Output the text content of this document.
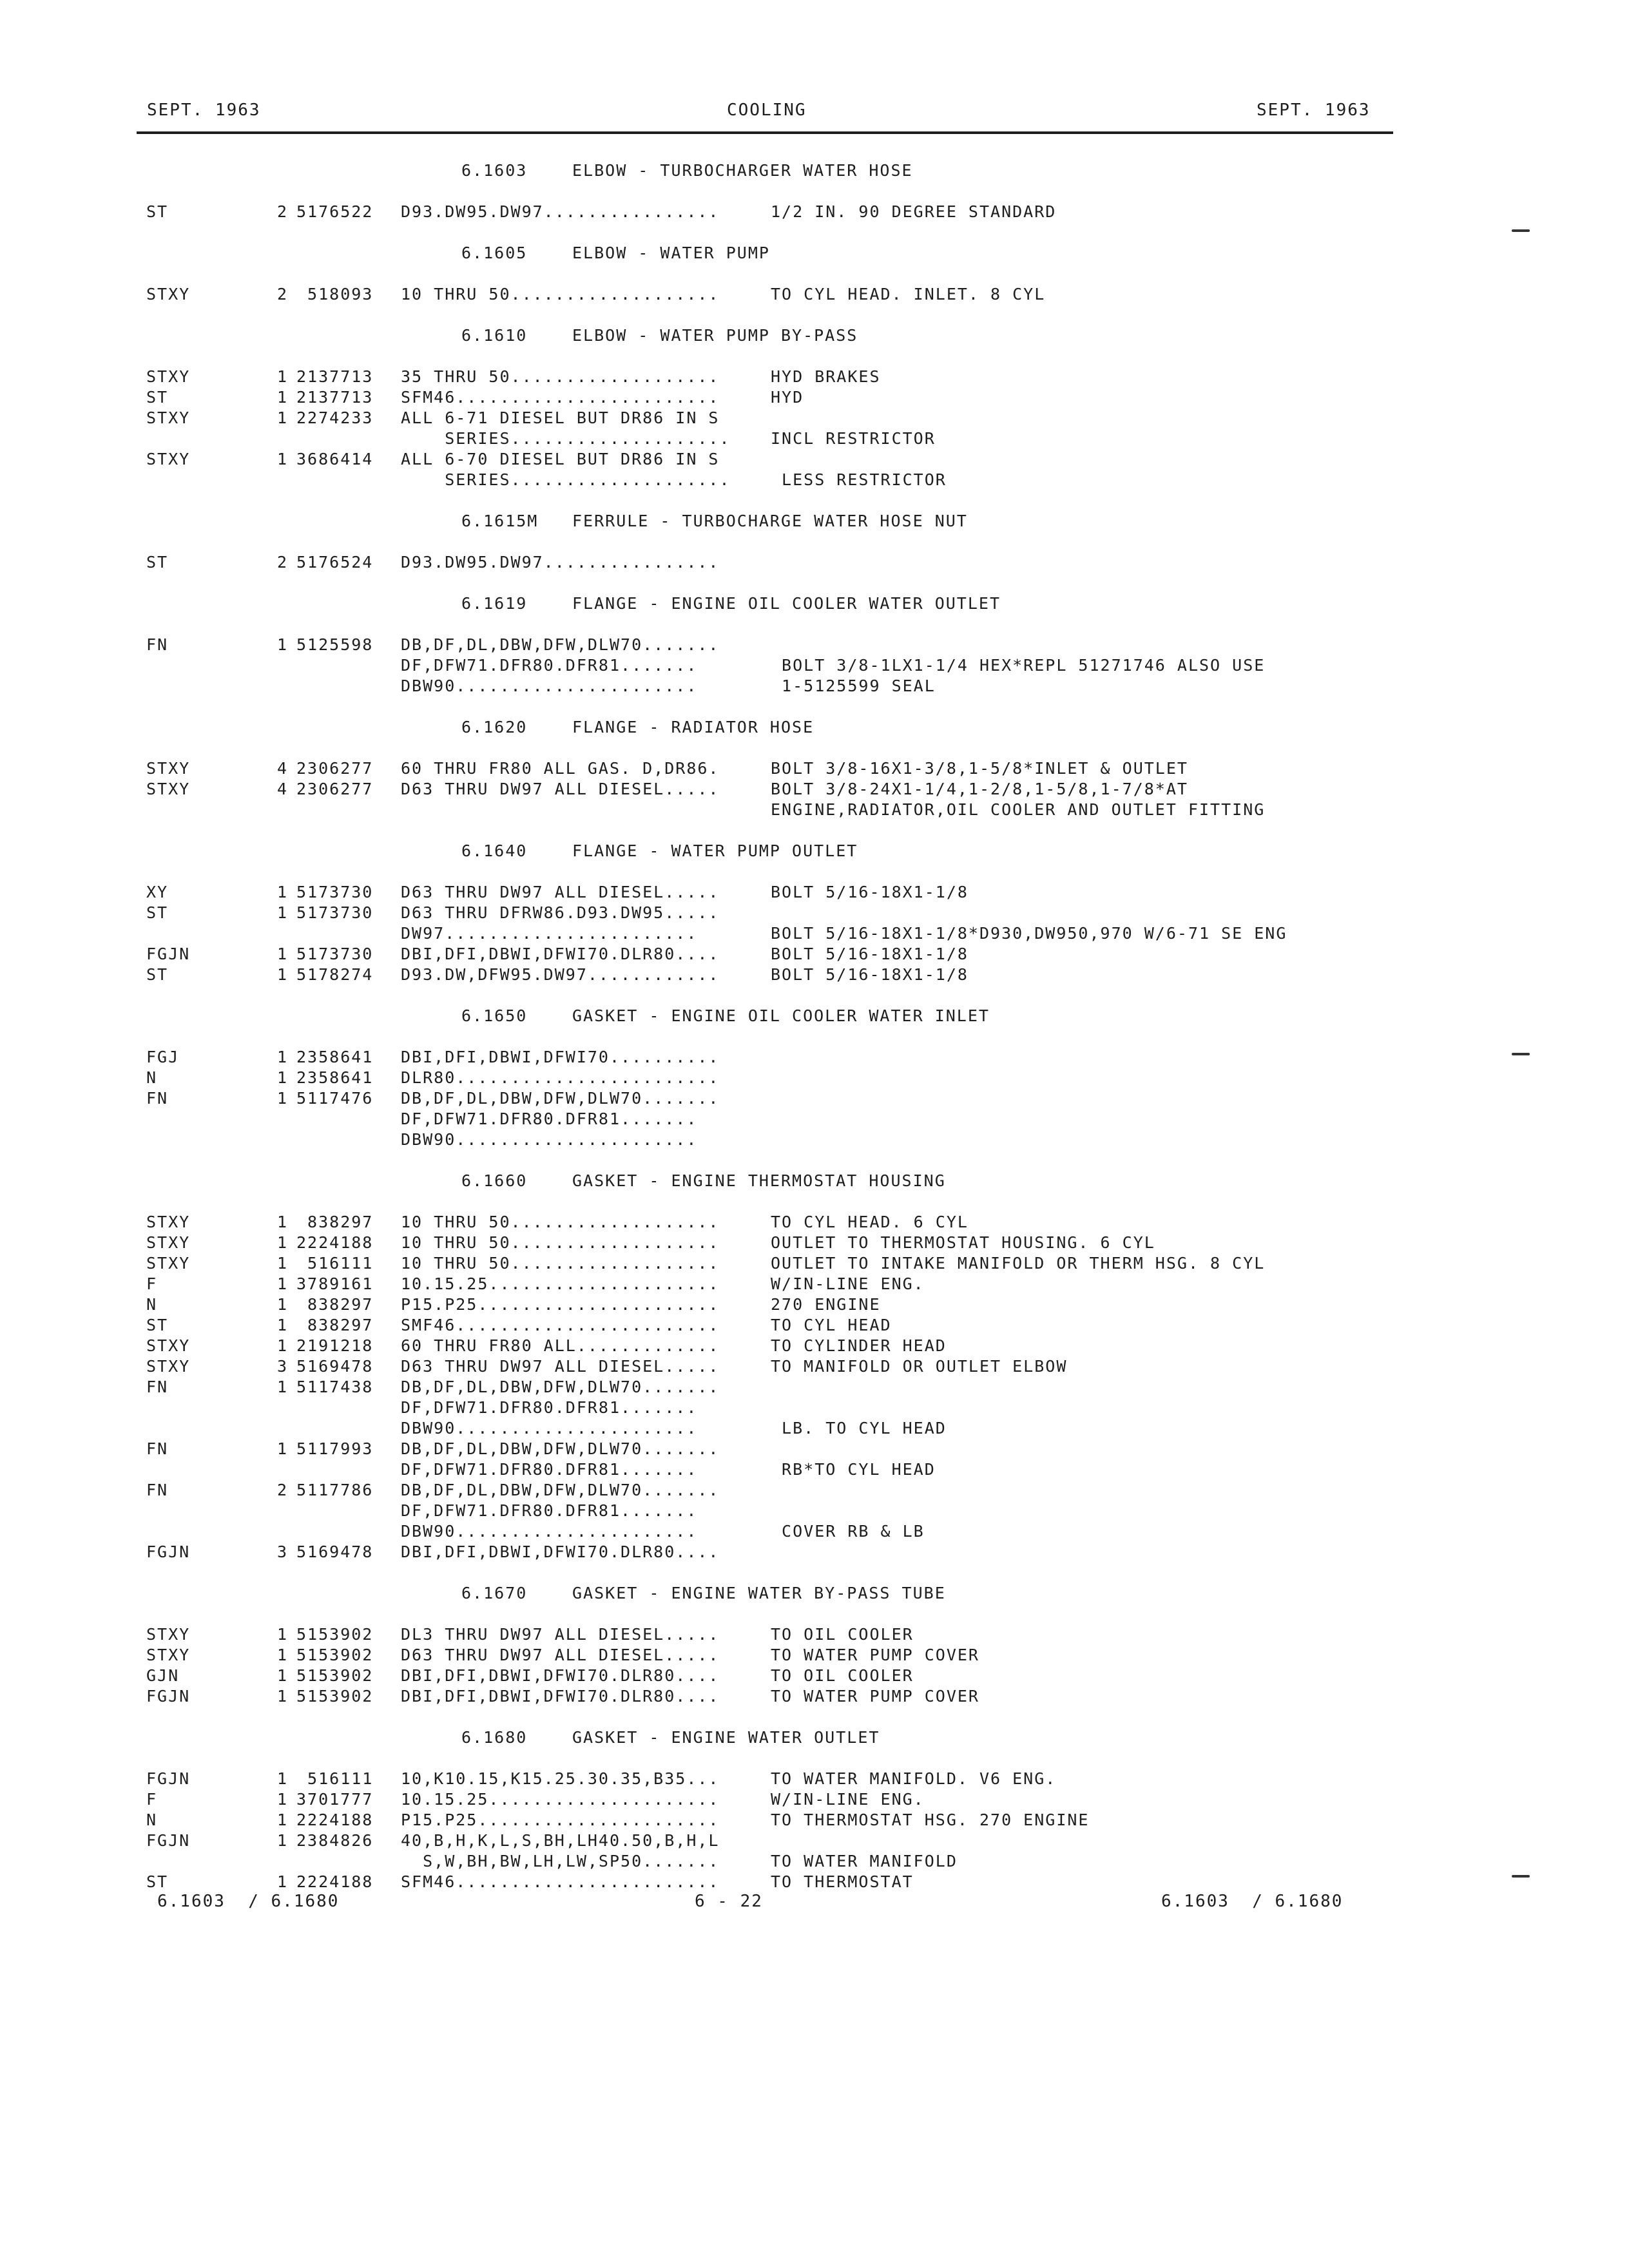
SEPT. 1963	COOLING	SEPT. 1963
6.1603	ELBOW - TURBOCHARGER WATER HOSE
ST	2 5176522 D93.DW95.DW97................	1/2 IN. 90 DEGREE STANDARD
6.1605	ELBOW - WATER PUMP
STXY	2 518093 10 THRU 50...................	TO CYL HEAD. INLET. 8 CYL
6.1610	ELBOW - WATER PUMP BY-PASS
STXY	1 2137713 35 THRU 50...................	HYD BRAKES
ST	1 2137713 SFM46........................	HYD
STXY	1 2274233 ALL 6-71 DIESEL BUT DR86 IN S
SERIES.................... INCL RESTRICTOR
STXY	1 3686414 ALL 6-70 DIESEL BUT DR86 IN S
SERIES.................... LESS RESTRICTOR
6.1615M FERRULE - TURBOCHARGE WATER HOSE NUT
ST	2 5176524 D93.DW95.DW97................
6.1619	FLANGE - ENGINE OIL COOLER WATER OUTLET
FN	1 5125598 DB,DF,DL,DBW,DFW,DLW70.......
DF,DFW71.DFR80.DFR81.......	BOLT 3/8-1LX1-1/4 HEX*REPL 51271746 ALSO USE
DBW90......................	1-5125599 SEAL
6.1620	FLANGE - RADIATOR HOSE
STXY	4 2306277 60 THRU FR80 ALL GAS. D,DR86.	BOLT 3/8-16X1-3/8,1-5/8*INLET & OUTLET
STXY	4 2306277 D63 THRU DW97 ALL DIESEL.....	BOLT 3/8-24X1-1/4,1-2/8,1-5/8,1-7/8*AT
ENGINE,RADIATOR,OIL COOLER AND OUTLET FITTING
6.1640	FLANGE - WATER PUMP OUTLET
XY	1 5173730 D63 THRU DW97 ALL DIESEL.....	BOLT 5/16-18X1-1/8
ST	1 5173730 D63 THRU DFRW86.D93.DW95.....
DW97.......................	BOLT 5/16-18X1-1/8*D930,DW950,970 W/6-71 SE ENG
FGJN	1 5173730 DBI,DFI,DBWI,DFWI70.DLR80....	BOLT 5/16-18X1-1/8
ST	1 5178274 D93.DW,DFW95.DW97............	BOLT 5/16-18X1-1/8
6.1650	GASKET - ENGINE OIL COOLER WATER INLET
FGJ	1 2358641 DBI,DFI,DBWI,DFWI70..........
N	1 2358641 DLR80........................
FN	1 5117476 DB,DF,DL,DBW,DFW,DLW70.......
DF,DFW71.DFR80.DFR81.......
DBW90......................
6.1660	GASKET - ENGINE THERMOSTAT HOUSING
STXY	1 838297 10 THRU 50...................	TO CYL HEAD. 6 CYL
STXY	1 2224188 10 THRU 50...................	OUTLET TO THERMOSTAT HOUSING. 6 CYL
STXY	1 516111 10 THRU 50...................	OUTLET TO INTAKE MANIFOLD OR THERM HSG. 8 CYL
F	1 3789161 10.15.25.....................	W/IN-LINE ENG.
N	1 838297 P15.P25......................	270 ENGINE
ST	1 838297 SMF46........................	TO CYL HEAD
STXY	1 2191218 60 THRU FR80 ALL.............	TO CYLINDER HEAD
STXY	3 5169478 D63 THRU DW97 ALL DIESEL.....	TO MANIFOLD OR OUTLET ELBOW
FN	1 5117438 DB,DF,DL,DBW,DFW,DLW70.......
DF,DFW71.DFR80.DFR81.......
DBW90......................	LB. TO CYL HEAD
FN	1 5117993 DB,DF,DL,DBW,DFW,DLW70.......
DF,DFW71.DFR80.DFR81.......	RB*TO CYL HEAD
FN	2 5117786 DB,DF,DL,DBW,DFW,DLW70.......
DF,DFW71.DFR80.DFR81.......
DBW90......................	COVER RB & LB
FGJN	3 5169478 DBI,DFI,DBWI,DFWI70.DLR80....
6.1670	GASKET - ENGINE WATER BY-PASS TUBE
STXY	1 5153902 DL3 THRU DW97 ALL DIESEL.....	TO OIL COOLER
STXY	1 5153902 D63 THRU DW97 ALL DIESEL.....	TO WATER PUMP COVER
GJN	1 5153902 DBI,DFI,DBWI,DFWI70.DLR80....	TO OIL COOLER
FGJN	1 5153902 DBI,DFI,DBWI,DFWI70.DLR80....	TO WATER PUMP COVER
6.1680	GASKET - ENGINE WATER OUTLET
FGJN	1 516111 10,K10.15,K15.25.30.35,B35...	TO WATER MANIFOLD. V6 ENG.
F	1 3701777 10.15.25.....................	W/IN-LINE ENG.
N	1 2224188 P15.P25......................	TO THERMOSTAT HSG. 270 ENGINE
FGJN	1 2384826 40,B,H,K,L,S,BH,LH40.50,B,H,L
S,W,BH,BW,LH,LW,SP50.......	TO WATER MANIFOLD
ST	1 2224188 SFM46........................	TO THERMOSTAT
6.1603  / 6.1680	6 - 22	6.1603  / 6.1680
